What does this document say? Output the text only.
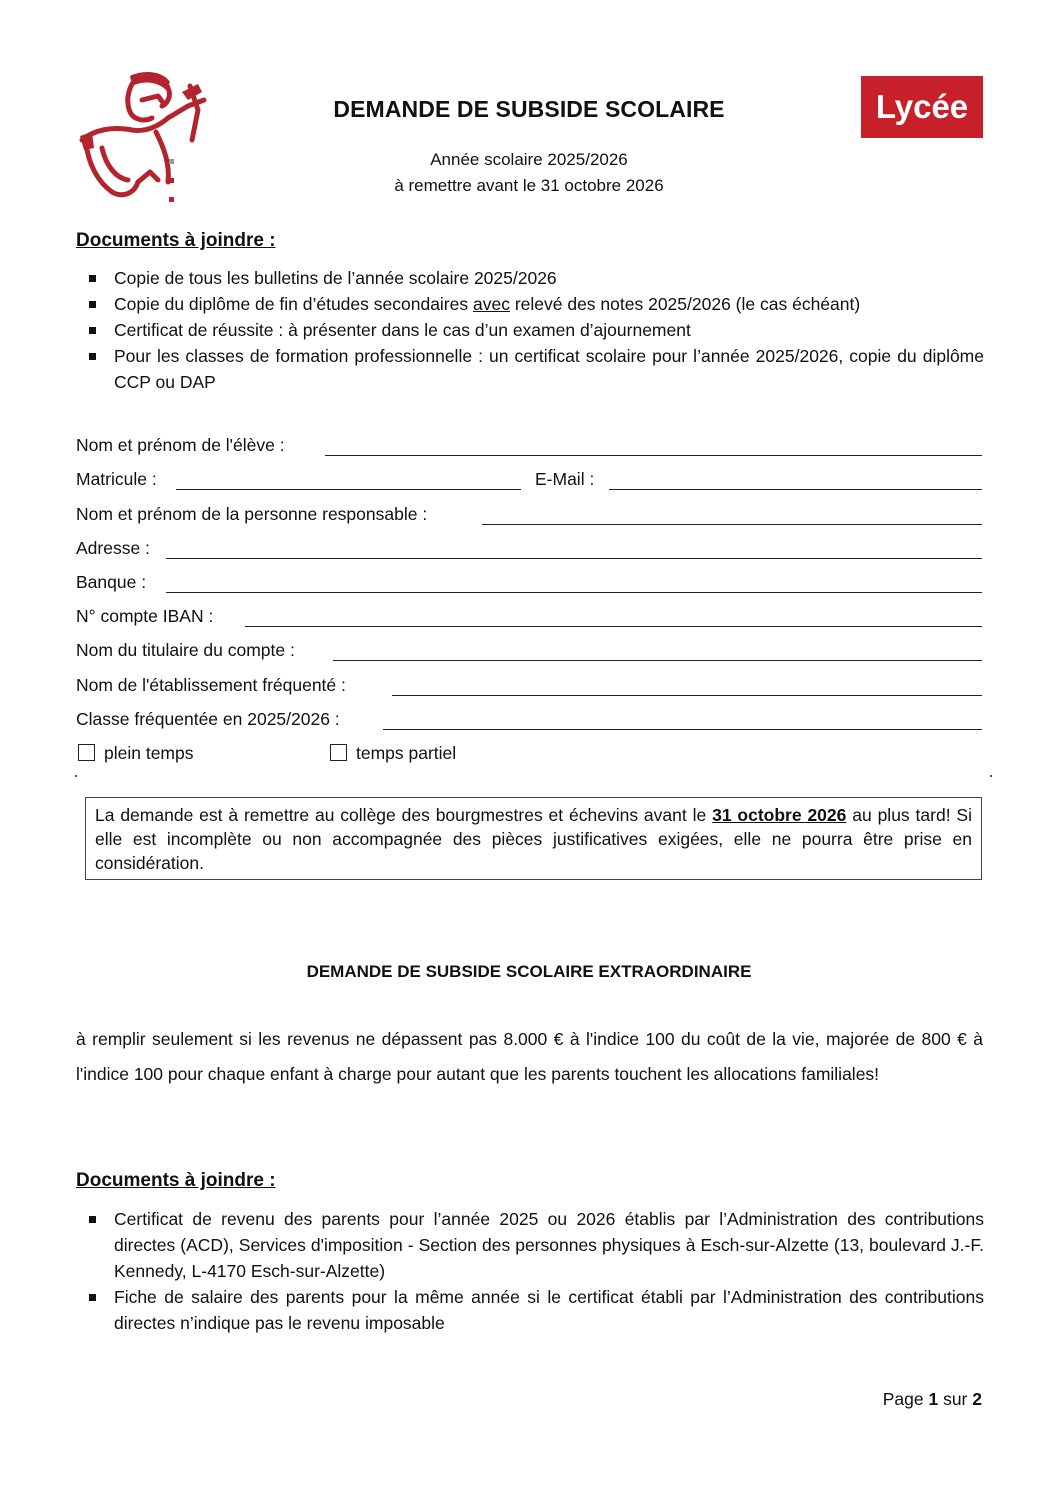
DEMANDE DE SUBSIDE SCOLAIRE	Lycée
Année scolaire 2025/2026
à remettre avant le 31 octobre 2026
Documents à joindre :
Copie de tous les bulletins de l’année scolaire 2025/2026
Copie du diplôme de fin d’études secondaires avec relevé des notes 2025/2026 (le cas échéant)
Certificat de réussite : à présenter dans le cas d’un examen d’ajournement
Pour les classes de formation professionnelle : un certificat scolaire pour l’année 2025/2026, copie du diplôme CCP ou DAP
Nom et prénom de l'élève :
Matricule :	E-Mail :
Nom et prénom de la personne responsable :
Adresse :
Banque :
N° compte IBAN :
Nom du titulaire du compte :
Nom de l'établissement fréquenté :
Classe fréquentée en 2025/2026 :
plein temps	temps partiel
La demande est à remettre au collège des bourgmestres et échevins avant le 31 octobre 2026 au plus tard! Si elle est incomplète ou non accompagnée des pièces justificatives exigées, elle ne pourra être prise en considération.
DEMANDE DE SUBSIDE SCOLAIRE EXTRAORDINAIRE
à remplir seulement si les revenus ne dépassent pas 8.000 € à l'indice 100 du coût de la vie, majorée de 800 € à l'indice 100 pour chaque enfant à charge pour autant que les parents touchent les allocations familiales!
Documents à joindre :
Certificat de revenu des parents pour l’année 2025 ou 2026 établis par l’Administration des contributions directes (ACD), Services d'imposition - Section des personnes physiques à Esch-sur-Alzette (13, boulevard J.-F. Kennedy, L-4170 Esch-sur-Alzette)
Fiche de salaire des parents pour la même année si le certificat établi par l’Administration des contributions directes n’indique pas le revenu imposable
Page 1 sur 2
